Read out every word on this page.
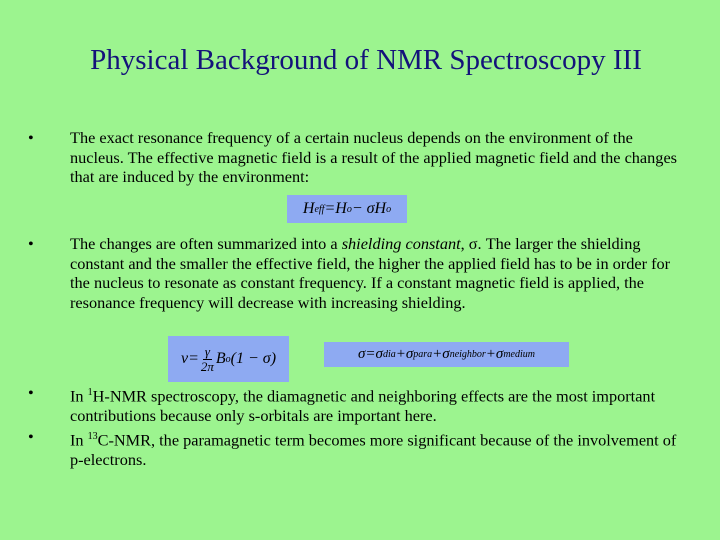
Physical Background of NMR Spectroscopy III
• The exact resonance frequency of a certain nucleus depends on the environment of the nucleus. The effective magnetic field is a result of the applied magnetic field and the changes that are induced by the environment:
H eff = H o − σ H o
• The changes are often summarized into a shielding constant, σ. The larger the shielding constant and the smaller the effective field, the higher the applied field has to be in order for the nucleus to resonate as constant frequency. If a constant magnetic field is applied, the resonance frequency will decrease with increasing shielding.
$\nu = \frac{\gamma}{2\pi}$ B o (1 − σ)	σ = σ dia + σ para + σ neighbor + σ medium
• In $^1$H-NMR spectroscopy, the diamagnetic and neighboring effects are the most important contributions because only s-orbitals are important here.
• In $^{13}$C-NMR, the paramagnetic term becomes more significant because of the involvement of p-electrons.
